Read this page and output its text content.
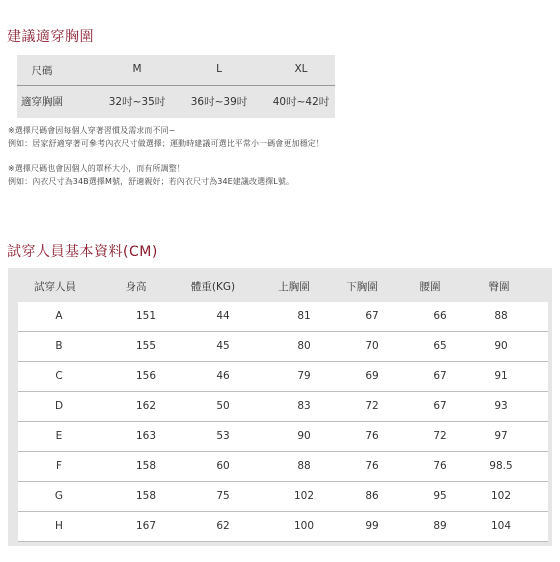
建議適穿胸圍
尺碼	M	L	XL
適穿胸圍	32吋~35吋 36吋~39吋	40吋~42吋
※選擇尺碼會因每個人穿著習慣及需求而不同~
例如：居家舒適穿著可參考內衣尺寸做選擇；運動時建議可選比平常小一碼會更加穩定！
※選擇尺碼也會因個人的罩杯大小，而有所調整！
例如：內衣尺寸為34B選擇M號，舒適親好；若內衣尺寸為34E建議改選擇L號。
試穿人員基本資料(CM)
試穿人員	身高	體重(KG)	上胸圍	下胸圍	腰圍	臀圍
A	151	44	81	67	66	88
B	155	45	80	70	65	90
C	156	46	79	69	67	91
D	162	50	83	72	67	93
E	163	53	90	76	72	97
F	158	60	88	76	76	98.5
G	158	75	102	86	95	102
H	167	62	100	99	89	104
